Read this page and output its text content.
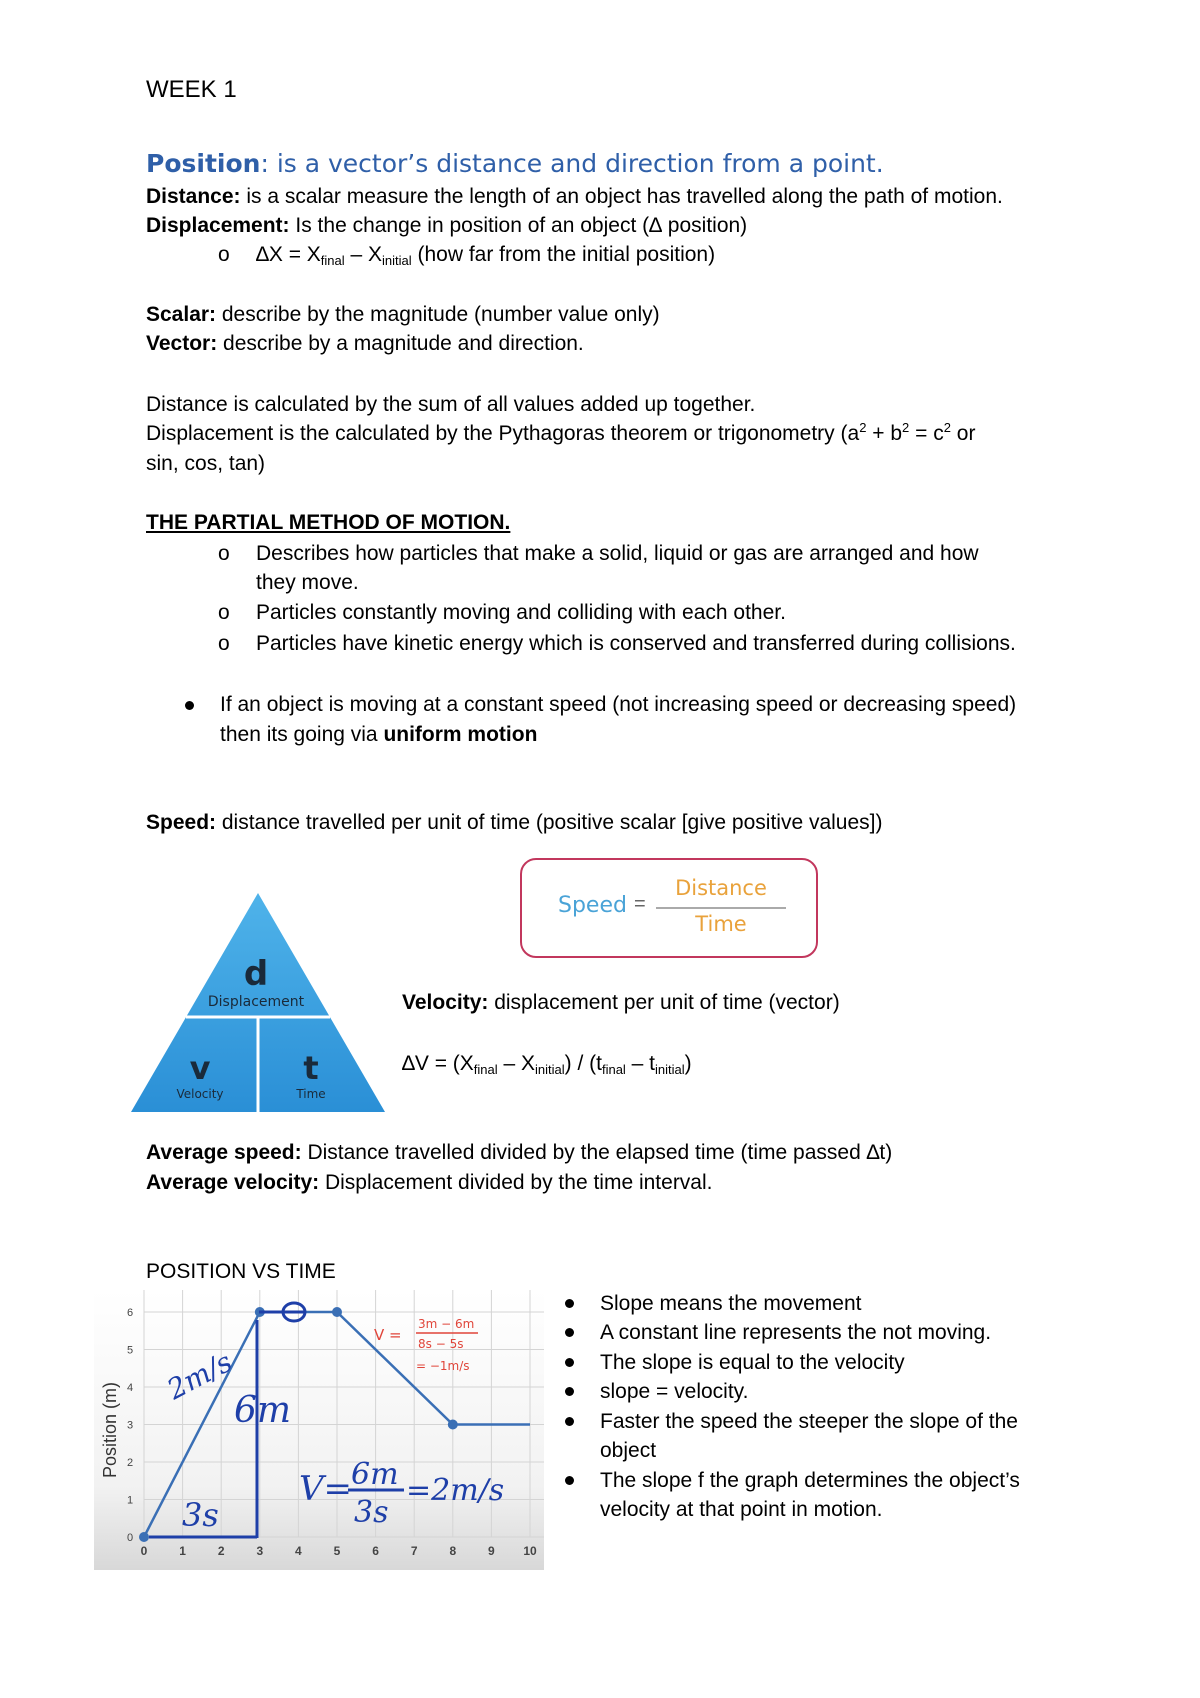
WEEK 1
Position: is a vector’s distance and direction from a point.
Distance: is a scalar measure the length of an object has travelled along the path of motion.
Displacement: Is the change in position of an object (∆ position)
o $\Delta X = X_{final} - X_{initial}$ (how far from the initial position)
Scalar: describe by the magnitude (number value only)
Vector: describe by a magnitude and direction.
Distance is calculated by the sum of all values added up together.
Displacement is the calculated by the Pythagoras theorem or trigonometry ($a^2 + b^2 = c^2$ or
sin, cos, tan)
THE PARTIAL METHOD OF MOTION.
o Describes how particles that make a solid, liquid or gas are arranged and how
they move.
o Particles constantly moving and colliding with each other.
o Particles have kinetic energy which is conserved and transferred during collisions.
If an object is moving at a constant speed (not increasing speed or decreasing speed)
then its going via uniform motion
Speed: distance travelled per unit of time (positive scalar [give positive values])
Speed =
Distance
Time
d
Displacement
v
Velocity
t
Time
Velocity: displacement per unit of time (vector)
$\Delta V = (X_{final} - X_{initial}) / (t_{final} - t_{initial})$
Average speed: Distance travelled divided by the elapsed time (time passed ∆t)
Average velocity: Displacement divided by the time interval.
POSITION VS TIME
0	1	2	3	4	5	6	7	8	9 10
0
1
2
3
4
5
6
Position (m)
2m/s
6m
3s
V=
6m
3s
=2m/s
V =
3m − 6m
8s − 5s
= −1m/s
Slope means the movement
A constant line represents the not moving.
The slope is equal to the velocity
slope = velocity.
Faster the speed the steeper the slope of the
object
The slope f the graph determines the object’s
velocity at that point in motion.
